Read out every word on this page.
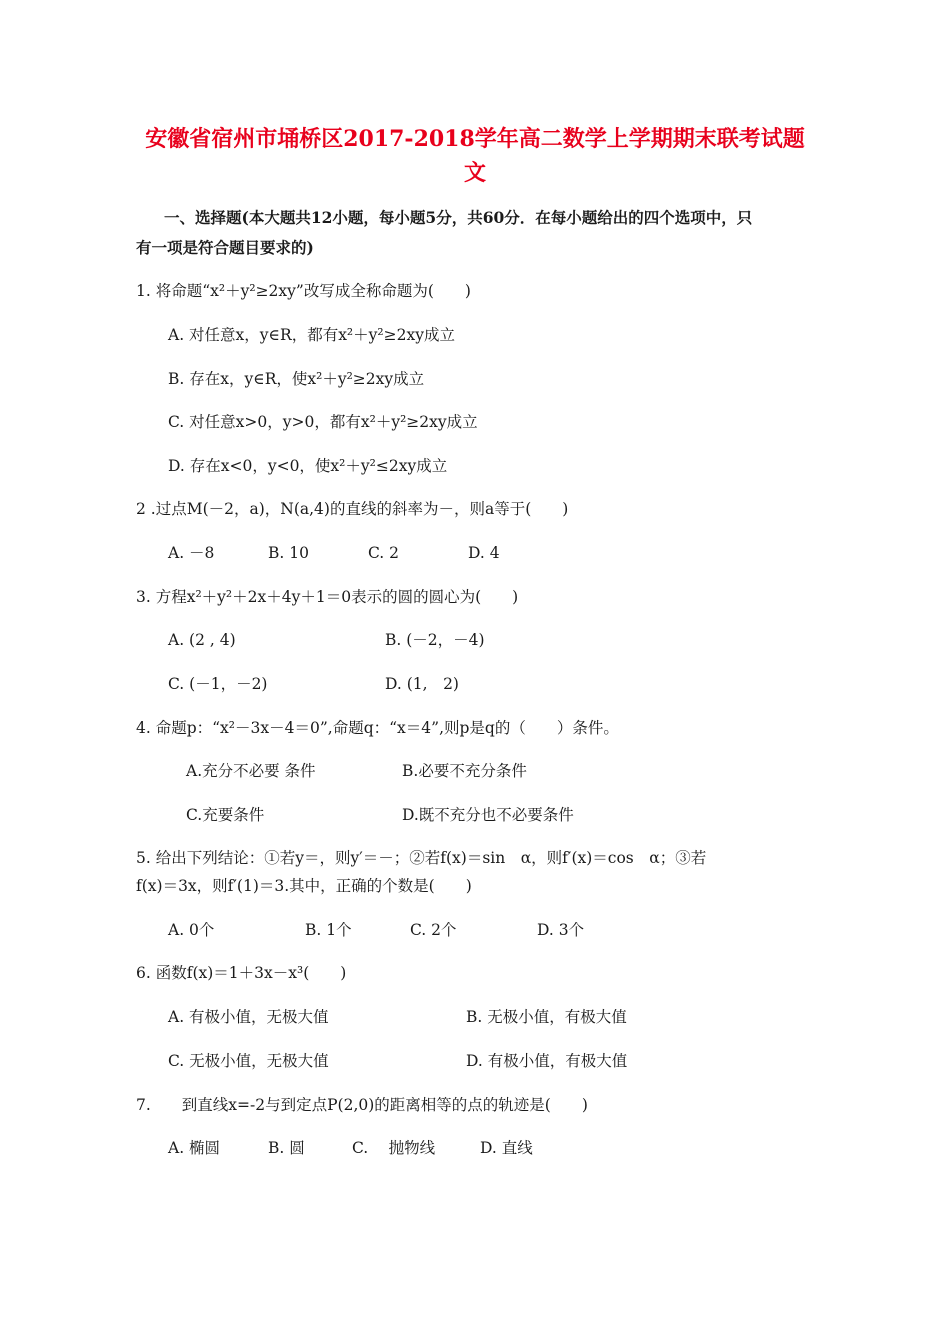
安徽省宿州市埇桥区2017-2018学年高二数学上学期期末联考试题
文
一、选择题(本大题共12小题，每小题5分，共60分．在每小题给出的四个选项中，只
有一项是符合题目要求的)
1. 将命题“x²＋y²≥2xy”改写成全称命题为(　　)
A. 对任意x，y∈R，都有x²＋y²≥2xy成立
B. 存在x，y∈R，使x²＋y²≥2xy成立
C. 对任意x>0，y>0，都有x²＋y²≥2xy成立
D. 存在x<0，y<0，使x²＋y²≤2xy成立
2 .过点M(－2，a)，N(a,4)的直线的斜率为－，则a等于(　　)
A. －8	B. 10	C. 2	D. 4
3. 方程x²＋y²＋2x＋4y＋1＝0表示的圆的圆心为(　　)
A. (2 , 4)	B. (－2，－4)
C. (－1，－2)	D. (1,　2)
4. 命题p：“x²－3x－4＝0”,命题q：“x＝4”,则p是q的（　　）条件。
A.充分不必要 条件	B.必要不充分条件
C.充要条件	D.既不充分也不必要条件
5. 给出下列结论：①若y＝，则y′＝－；②若f(x)＝sin　α，则f′(x)＝cos　α；③若
f(x)＝3x，则f′(1)＝3.其中，正确的个数是(　　)
A. 0个	B. 1个	C. 2个	D. 3个
6. 函数f(x)＝1＋3x－x³(　　)
A. 有极小值，无极大值	B. 无极小值，有极大值
C. 无极小值，无极大值	D. 有极小值，有极大值
7.　　到直线x=-2与到定点P(2,0)的距离相等的点的轨迹是(　　)
A. 椭圆	B. 圆	C. 　抛物线	D. 直线
